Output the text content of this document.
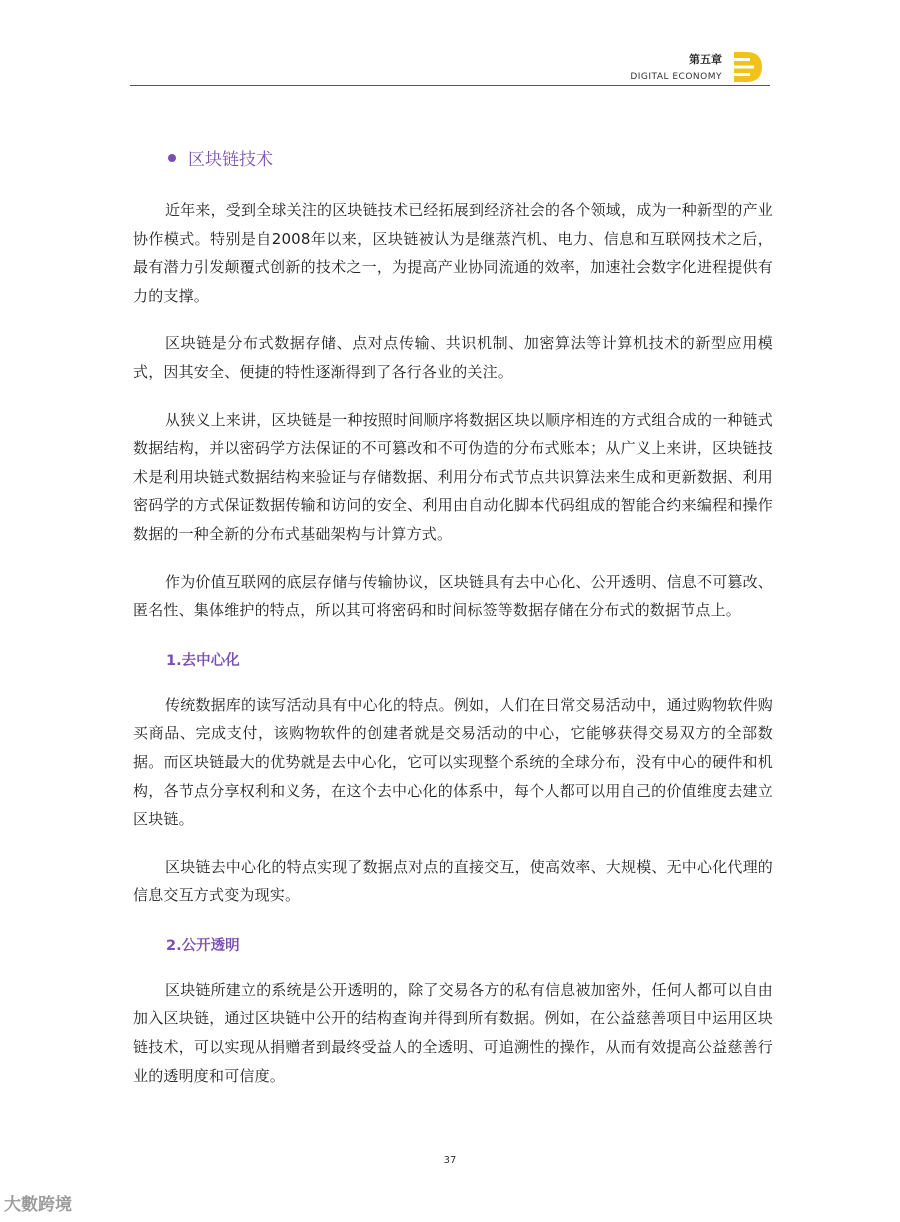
第五章
DIGITAL ECONOMY
区块链技术

近年来，受到全球关注的区块链技术已经拓展到经济社会的各个领域，成为一种新型的产业协作模式。特别是自2008年以来，区块链被认为是继蒸汽机、电力、信息和互联网技术之后，最有潜力引发颠覆式创新的技术之一，为提高产业协同流通的效率，加速社会数字化进程提供有力的支撑。

区块链是分布式数据存储、点对点传输、共识机制、加密算法等计算机技术的新型应用模式，因其安全、便捷的特性逐渐得到了各行各业的关注。

从狭义上来讲，区块链是一种按照时间顺序将数据区块以顺序相连的方式组合成的一种链式数据结构，并以密码学方法保证的不可篡改和不可伪造的分布式账本；从广义上来讲，区块链技术是利用块链式数据结构来验证与存储数据、利用分布式节点共识算法来生成和更新数据、利用密码学的方式保证数据传输和访问的安全、利用由自动化脚本代码组成的智能合约来编程和操作数据的一种全新的分布式基础架构与计算方式。

作为价值互联网的底层存储与传输协议，区块链具有去中心化、公开透明、信息不可篡改、匿名性、集体维护的特点，所以其可将密码和时间标签等数据存储在分布式的数据节点上。

1.去中心化

传统数据库的读写活动具有中心化的特点。例如，人们在日常交易活动中，通过购物软件购买商品、完成支付，该购物软件的创建者就是交易活动的中心，它能够获得交易双方的全部数据。而区块链最大的优势就是去中心化，它可以实现整个系统的全球分布，没有中心的硬件和机构，各节点分享权利和义务，在这个去中心化的体系中，每个人都可以用自己的价值维度去建立区块链。

区块链去中心化的特点实现了数据点对点的直接交互，使高效率、大规模、无中心化代理的信息交互方式变为现实。

2.公开透明

区块链所建立的系统是公开透明的，除了交易各方的私有信息被加密外，任何人都可以自由加入区块链，通过区块链中公开的结构查询并得到所有数据。例如，在公益慈善项目中运用区块链技术，可以实现从捐赠者到最终受益人的全透明、可追溯性的操作，从而有效提高公益慈善行业的透明度和可信度。

37
大數跨境
